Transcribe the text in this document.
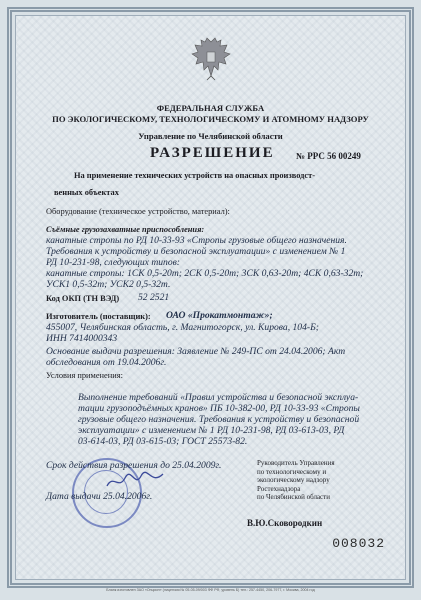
ФЕДЕРАЛЬНАЯ СЛУЖБА
ПО ЭКОЛОГИЧЕСКОМУ, ТЕХНОЛОГИЧЕСКОМУ И АТОМНОМУ НАДЗОРУ
Управление по Челябинской области
РАЗРЕШЕНИЕ № РРС 56 00249
На применение технических устройств на опасных производст-
венных объектах
Оборудование (техническое устройство, материал):
Съёмные грузозахватные приспособления:
канатные стропы по РД 10-33-93 «Стропы грузовые общего назначения.
Требования к устройству и безопасной эксплуатации» с изменением № 1
РД 10-231-98, следующих типов:
канатные стропы: 1СК 0,5-20т; 2СК 0,5-20т; 3СК 0,63-20т; 4СК 0,63-32т;
УСК1 0,5-32т; УСК2 0,5-32т.
Код ОКП (ТН ВЭД) 52 2521
Изготовитель (поставщик): ОАО «Прокатмонтаж»;
455007, Челябинская область, г. Магнитогорск, ул. Кирова, 104-Б;
ИНН 7414000343
Основание выдачи разрешения: Заявление № 249-ПС от 24.04.2006; Акт
обследования от 19.04.2006г.
Условия применения:
Выполнение требований «Правил устройства и безопасной эксплуа-
тации грузоподъёмных кранов» ПБ 10-382-00, РД 10-33-93 «Стропы
грузовые общего назначения. Требования к устройству и безопасной
эксплуатации» с изменением № 1 РД 10-231-98, РД 03-613-03, РД
03-614-03, РД 03-615-03; ГОСТ 25573-82.
Срок действия разрешения до 25.04.2009г.
Дата выдачи 25.04.2006г.
Руководитель Управления
по технологическому и
экологическому надзору
Ростехнадзора
по Челябинской области
В.Ю.Сковородкин
008032
Бланк изготовлен ЗАО «Опцион» (лицензия № 05-05-09/003 ФФ РФ, уровень Б) тел.: 257-4450, 206-7977, г. Москва, 2004 год
